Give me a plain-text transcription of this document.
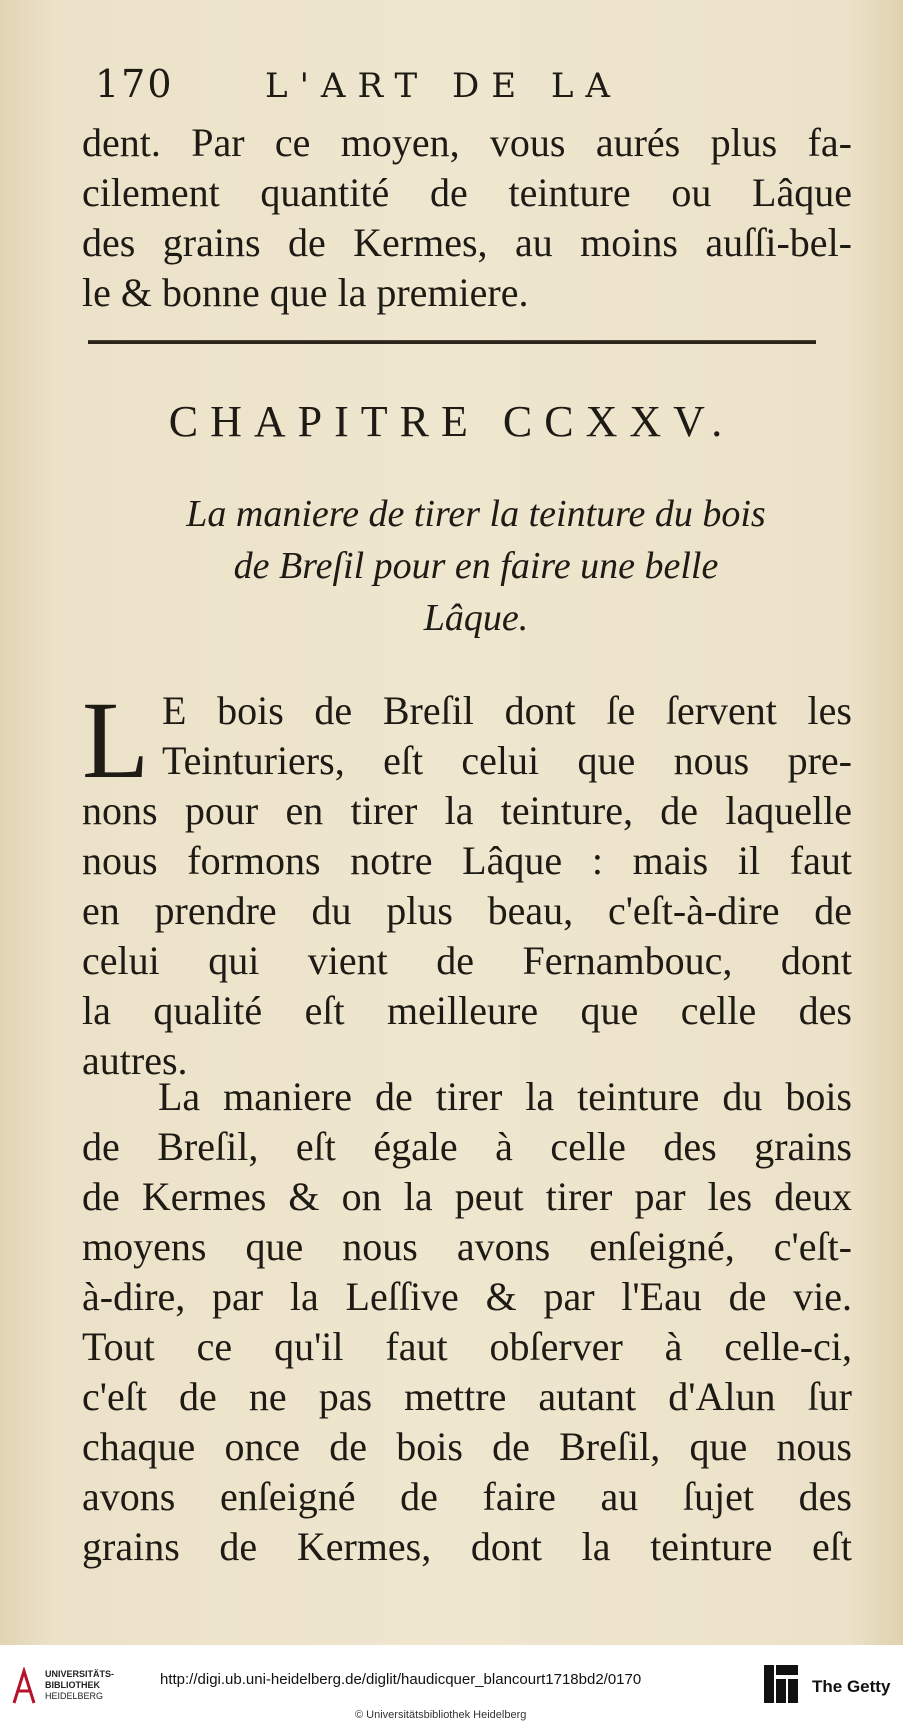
170	L'ART DE LA
dent. Par ce moyen, vous aurés plus fa-
cilement quantité de teinture ou Lâque
des grains de Kermes, au moins auſſi-bel-
le & bonne que la premiere.
CHAPITRE CCXXV.
La maniere de tirer la teinture du bois
de Breſil pour en faire une belle
Lâque.
L E bois de Breſil dont ſe ſervent les
Teinturiers, eſt celui que nous pre-
nons pour en tirer la teinture, de laquelle
nous formons notre Lâque : mais il faut
en prendre du plus beau, c'eſt-à-dire de
celui qui vient de Fernambouc, dont
la qualité eſt meilleure que celle des
autres.
La maniere de tirer la teinture du bois
de Breſil, eſt égale à celle des grains
de Kermes & on la peut tirer par les deux
moyens que nous avons enſeigné, c'eſt-
à-dire, par la Leſſive & par l'Eau de vie.
Tout ce qu'il faut obſerver à celle-ci,
c'eſt de ne pas mettre autant d'Alun ſur
chaque once de bois de Breſil, que nous
avons enſeigné de faire au ſujet des
grains de Kermes, dont la teinture eſt
UNIVERSITÄTS-
BIBLIOTHEK
HEIDELBERG
http://digi.ub.uni-heidelberg.de/diglit/haudicquer_blancourt1718bd2/0170
© Universitätsbibliothek Heidelberg
The Getty
